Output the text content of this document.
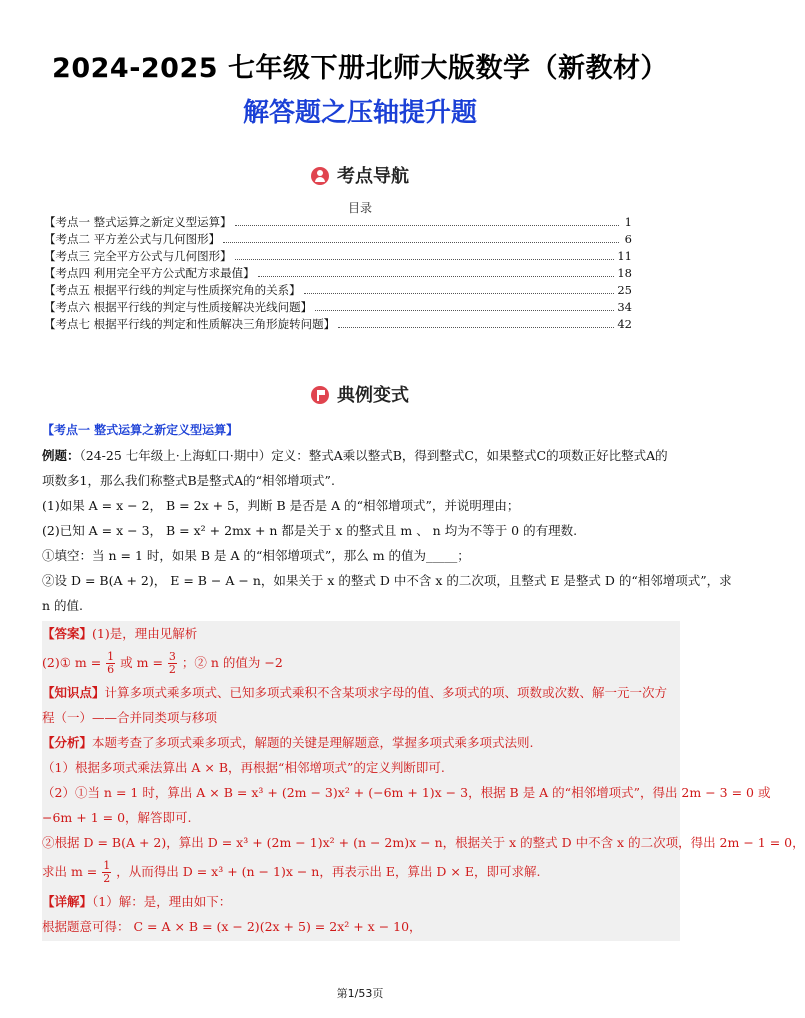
2024-2025 七年级下册北师大版数学（新教材）
解答题之压轴提升题
考点导航
目录
【考点一 整式运算之新定义型运算】	1
【考点二 平方差公式与几何图形】	6
【考点三 完全平方公式与几何图形】	11
【考点四 利用完全平方公式配方求最值】	18
【考点五 根据平行线的判定与性质探究角的关系】	25
【考点六 根据平行线的判定与性质接解决光线问题】	34
【考点七 根据平行线的判定和性质解决三角形旋转问题】	42
典例变式
【考点一 整式运算之新定义型运算】
例题：（24-25 七年级上·上海虹口·期中）定义：整式A乘以整式B，得到整式C，如果整式C的项数正好比整式A的
项数多1，那么我们称整式B是整式A的“相邻增项式”.
(1)如果 A = x − 2， B = 2x + 5，判断 B 是否是 A 的“相邻增项式”，并说明理由；
(2)已知 A = x − 3， B = x² + 2mx + n 都是关于 x 的整式且 m 、 n 均为不等于 0 的有理数.
①填空：当 n = 1 时，如果 B 是 A 的“相邻增项式”，那么 m 的值为_____；
②设 D = B(A + 2)， E = B − A − n，如果关于 x 的整式 D 中不含 x 的二次项，且整式 E 是整式 D 的“相邻增项式”，求
n 的值.
【答案】(1)是，理由见解析
(2)① $m = \frac{1}{6}$ 或 $m = \frac{3}{2}$ ；② n 的值为 −2
【知识点】计算多项式乘多项式、已知多项式乘积不含某项求字母的值、多项式的项、项数或次数、解一元一次方
程（一）——合并同类项与移项
【分析】本题考查了多项式乘多项式，解题的关键是理解题意，掌握多项式乘多项式法则.
（1）根据多项式乘法算出 A × B，再根据“相邻增项式”的定义判断即可.
（2）①当 n = 1 时，算出 A × B = x³ + (2m − 3)x² + (−6m + 1)x − 3，根据 B 是 A 的“相邻增项式”，得出 2m − 3 = 0 或
−6m + 1 = 0，解答即可.
②根据 D = B(A + 2)，算出 D = x³ + (2m − 1)x² + (n − 2m)x − n，根据关于 x 的整式 D 中不含 x 的二次项，得出 2m − 1 = 0，
求出 $m = \frac{1}{2}$ ，从而得出 D = x³ + (n − 1)x − n，再表示出 E，算出 D × E，即可求解.
【详解】（1）解：是，理由如下：
根据题意可得： C = A × B = (x − 2)(2x + 5) = 2x² + x − 10，
第1/53页
